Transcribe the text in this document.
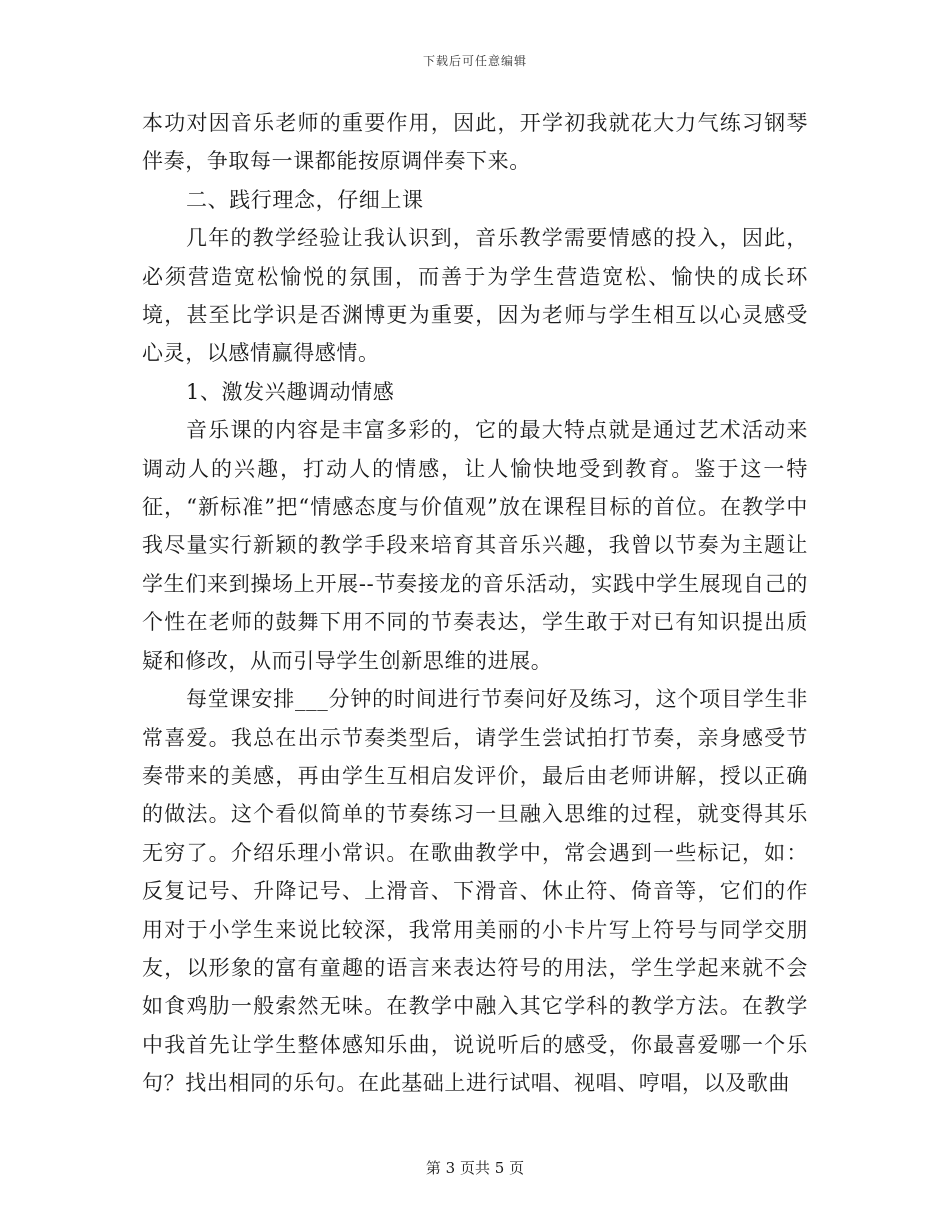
下载后可任意编辑

本功对因音乐老师的重要作用，因此，开学初我就花大力气练习钢琴伴奏，争取每一课都能按原调伴奏下来。

二、践行理念，仔细上课

几年的教学经验让我认识到，音乐教学需要情感的投入，因此，必须营造宽松愉悦的氛围，而善于为学生营造宽松、愉快的成长环境，甚至比学识是否渊博更为重要，因为老师与学生相互以心灵感受心灵，以感情赢得感情。

1、激发兴趣调动情感

音乐课的内容是丰富多彩的，它的最大特点就是通过艺术活动来调动人的兴趣，打动人的情感，让人愉快地受到教育。鉴于这一特征，“新标准”把“情感态度与价值观”放在课程目标的首位。在教学中我尽量实行新颖的教学手段来培育其音乐兴趣，我曾以节奏为主题让学生们来到操场上开展--节奏接龙的音乐活动，实践中学生展现自己的个性在老师的鼓舞下用不同的节奏表达，学生敢于对已有知识提出质疑和修改，从而引导学生创新思维的进展。

每堂课安排___分钟的时间进行节奏问好及练习，这个项目学生非常喜爱。我总在出示节奏类型后，请学生尝试拍打节奏，亲身感受节奏带来的美感，再由学生互相启发评价，最后由老师讲解，授以正确的做法。这个看似简单的节奏练习一旦融入思维的过程，就变得其乐无穷了。介绍乐理小常识。在歌曲教学中，常会遇到一些标记，如：反复记号、升降记号、上滑音、下滑音、休止符、倚音等，它们的作用对于小学生来说比较深，我常用美丽的小卡片写上符号与同学交朋友，以形象的富有童趣的语言来表达符号的用法，学生学起来就不会如食鸡肋一般索然无味。在教学中融入其它学科的教学方法。在教学中我首先让学生整体感知乐曲，说说听后的感受，你最喜爱哪一个乐句？找出相同的乐句。在此基础上进行试唱、视唱、哼唱，以及歌曲

第 3 页共 5 页
